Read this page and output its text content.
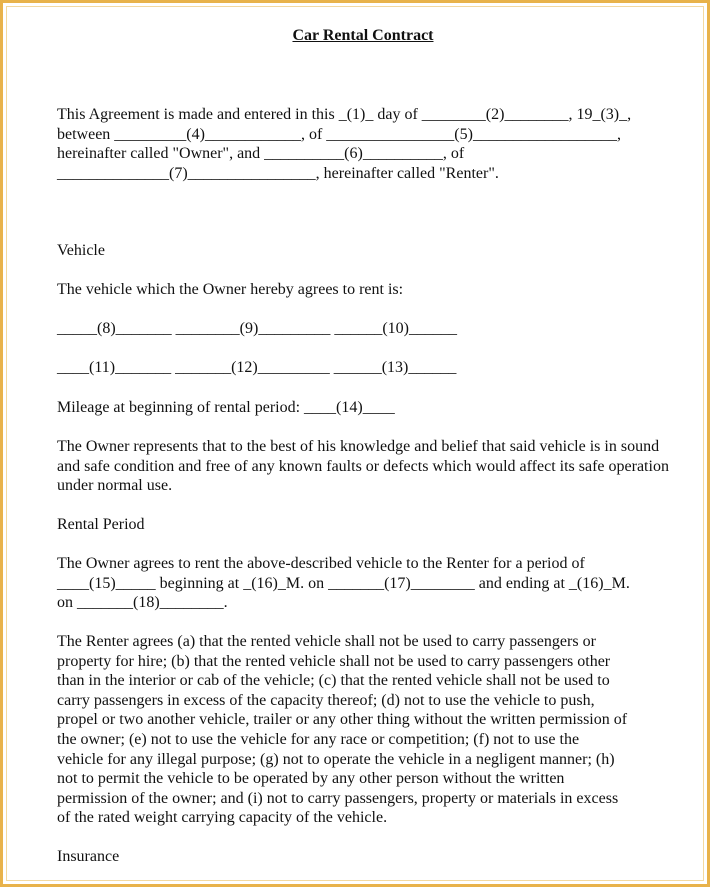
Car Rental Contract
This Agreement is made and entered in this _(1)_ day of ________(2)________, 19_(3)_,
between _________(4)____________, of ________________(5)__________________,
hereinafter called "Owner", and __________(6)__________, of
______________(7)________________, hereinafter called "Renter".
Vehicle

The vehicle which the Owner hereby agrees to rent is:

_____(8)_______ ________(9)_________ ______(10)______
____(11)_______ _______(12)_________ ______(13)______

Mileage at beginning of rental period: ____(14)____

The Owner represents that to the best of his knowledge and belief that said vehicle is in sound and safe condition and free of any known faults or defects which would affect its safe operation under normal use.

Rental Period
The Owner agrees to rent the above-described vehicle to the Renter for a period of
____(15)_____ beginning at _(16)_M. on _______(17)________ and ending at _(16)_M.
on _______(18)________.
The Renter agrees (a) that the rented vehicle shall not be used to carry passengers or
property for hire; (b) that the rented vehicle shall not be used to carry passengers other
than in the interior or cab of the vehicle; (c) that the rented vehicle shall not be used to
carry passengers in excess of the capacity thereof; (d) not to use the vehicle to push,
propel or two another vehicle, trailer or any other thing without the written permission of
the owner; (e) not to use the vehicle for any race or competition; (f) not to use the
vehicle for any illegal purpose; (g) not to operate the vehicle in a negligent manner; (h)
not to permit the vehicle to be operated by any other person without the written
permission of the owner; and (i) not to carry passengers, property or materials in excess
of the rated weight carrying capacity of the vehicle.
Insurance
